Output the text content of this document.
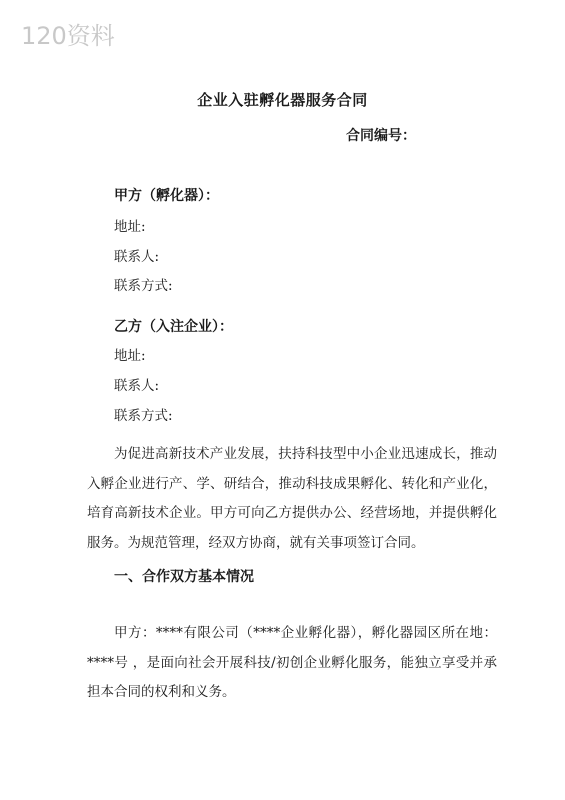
120资料
企业入驻孵化器服务合同
合同编号：
甲方（孵化器）：
地址:
联系人:
联系方式:
乙方（入注企业）：
地址:
联系人:
联系方式:

为促进高新技术产业发展，扶持科技型中小企业迅速成长，推动入孵企业进行产、学、研结合，推动科技成果孵化、转化和产业化，培育高新技术企业。甲方可向乙方提供办公、经营场地，并提供孵化服务。为规范管理，经双方协商，就有关事项签订合同。

一、合作双方基本情况

甲方：****有限公司（****企业孵化器），孵化器园区所在地：****号 ，是面向社会开展科技/初创企业孵化服务，能独立享受并承担本合同的权利和义务。
